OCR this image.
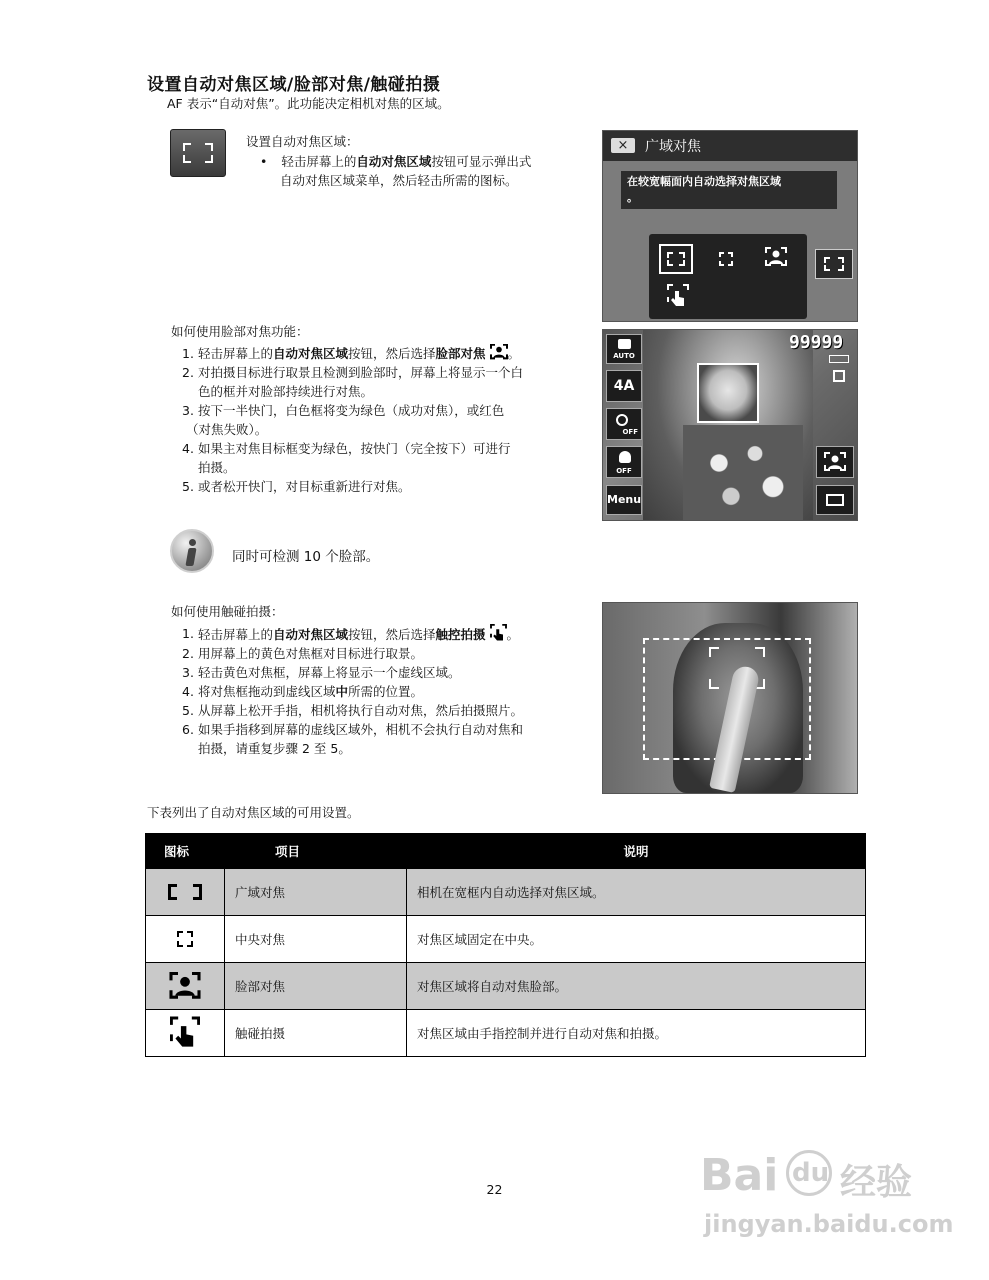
设置自动对焦区域/脸部对焦/触碰拍摄
AF 表示“自动对焦”。此功能决定相机对焦的区域。
设置自动对焦区域：
• 轻击屏幕上的自动对焦区域按钮可显示弹出式
自动对焦区域菜单，然后轻击所需的图标。
×	广域对焦
在较宽幅面内自动选择对焦区域
。
如何使用脸部对焦功能：
1. 轻击屏幕上的自动对焦区域按钮，然后选择脸部对焦 。
2. 对拍摄目标进行取景且检测到脸部时，屏幕上将显示一个白
色的框并对脸部持续进行对焦。
3. 按下一半快门，白色框将变为绿色（成功对焦），或红色
（对焦失败）。
4. 如果主对焦目标框变为绿色，按快门（完全按下）可进行
拍摄。
5. 或者松开快门，对目标重新进行对焦。
99999
AUTO
4A
OFF
OFF
Menu
同时可检测 10 个脸部。
如何使用触碰拍摄：
1. 轻击屏幕上的自动对焦区域按钮，然后选择触控拍摄 。
2. 用屏幕上的黄色对焦框对目标进行取景。
3. 轻击黄色对焦框，屏幕上将显示一个虚线区域。
4. 将对焦框拖动到虚线区域中所需的位置。
5. 从屏幕上松开手指，相机将执行自动对焦，然后拍摄照片。
6. 如果手指移到屏幕的虚线区域外，相机不会执行自动对焦和
拍摄，请重复步骤 2 至 5。
下表列出了自动对焦区域的可用设置。
图标	项目	说明

	广域对焦	相机在宽框内自动选择对焦区域。

	中央对焦	对焦区域固定在中央。
	脸部对焦	对焦区域将自动对焦脸部。
	触碰拍摄	对焦区域由手指控制并进行自动对焦和拍摄。
22	Bai du 经验
jingyan.baidu.com
